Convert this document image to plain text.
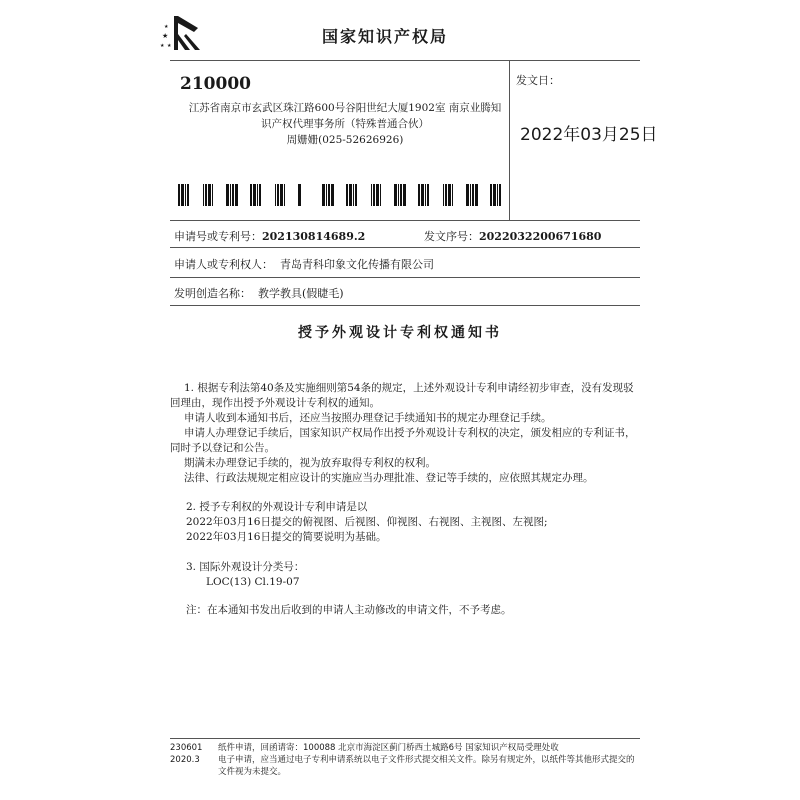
★
★
★
★	国家知识产权局
210000
江苏省南京市玄武区珠江路600号谷阳世纪大厦1902室 南京业腾知
识产权代理事务所（特殊普通合伙）
周姗姗(025-52626926)
发文日：
2022年03月25日
申请号或专利号：202130814689.2	发文序号：2022032200671680
申请人或专利权人： 青岛青科印象文化传播有限公司
发明创造名称： 教学教具(假睫毛)
授予外观设计专利权通知书

1. 根据专利法第40条及实施细则第54条的规定，上述外观设计专利申请经初步审查，没有发现驳回理由，现作出授予外观设计专利权的通知。

申请人收到本通知书后，还应当按照办理登记手续通知书的规定办理登记手续。

申请人办理登记手续后，国家知识产权局作出授予外观设计专利权的决定，颁发相应的专利证书，同时予以登记和公告。

期满未办理登记手续的，视为放弃取得专利权的权利。

法律、行政法规规定相应设计的实施应当办理批准、登记等手续的，应依照其规定办理。

2. 授予专利权的外观设计专利申请是以

2022年03月16日提交的俯视图、后视图、仰视图、右视图、主视图、左视图;

2022年03月16日提交的简要说明为基础。

3. 国际外观设计分类号：

LOC(13) Cl.19-07

注：在本通知书发出后收到的申请人主动修改的申请文件，不予考虑。

230601
2020.3
纸件申请，回函请寄：100088 北京市海淀区蓟门桥西土城路6号 国家知识产权局受理处收
电子申请，应当通过电子专利申请系统以电子文件形式提交相关文件。除另有规定外，以纸件等其他形式提交的
文件视为未提交。
